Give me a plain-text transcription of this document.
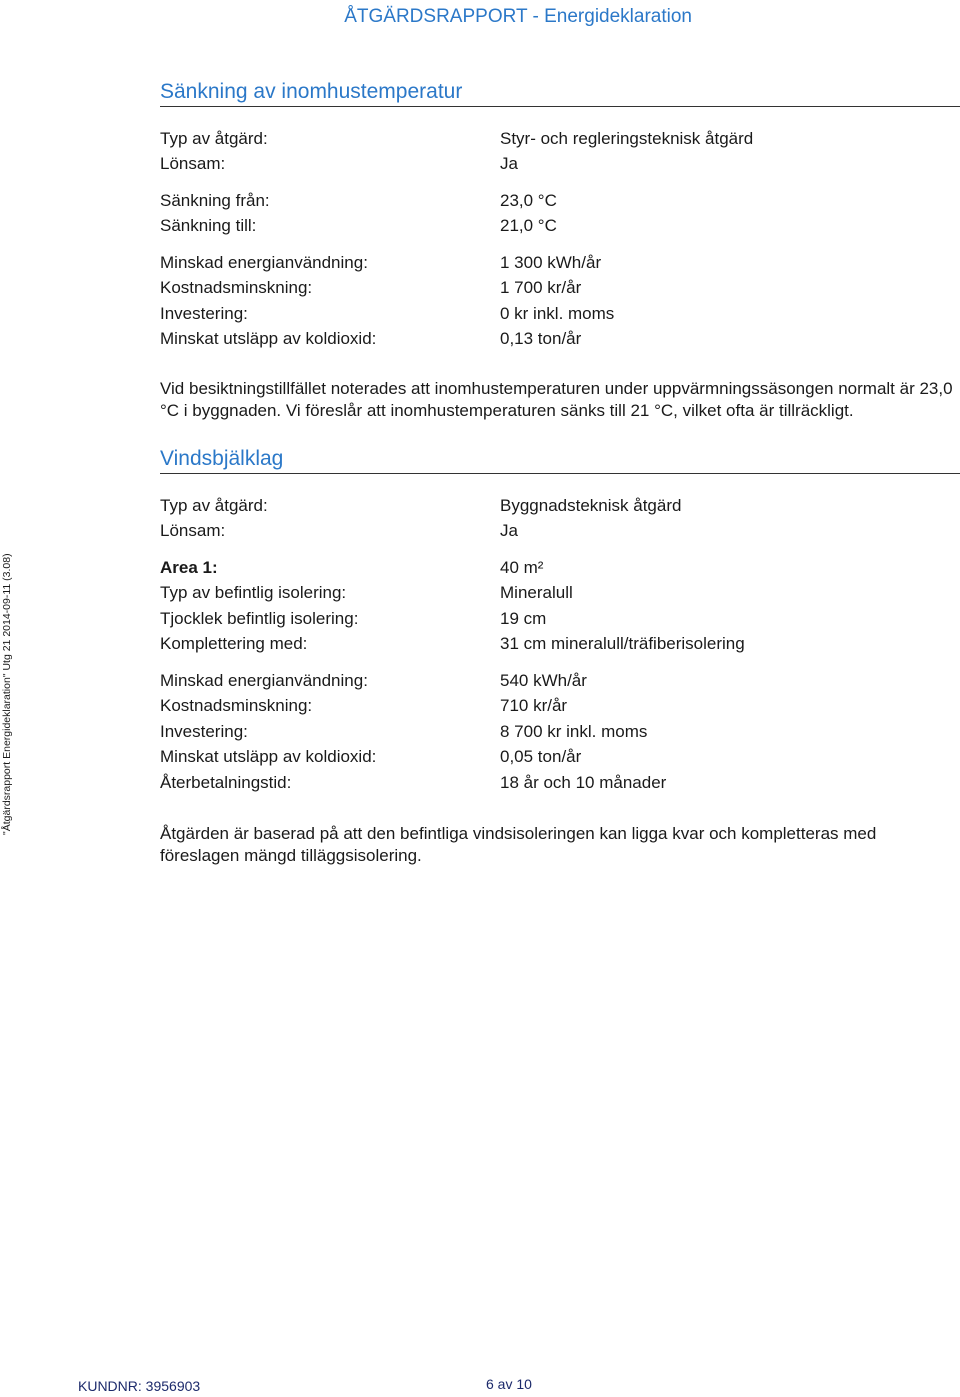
ÅTGÄRDSRAPPORT - Energideklaration
"Åtgärdsrapport Energideklaration" Utg 21 2014-09-11 (3.08)
Sänkning av inomhustemperatur
Typ av åtgärd:	Styr- och regleringsteknisk åtgärd
Lönsam:	Ja
Sänkning från:	23,0 °C
Sänkning till:	21,0 °C
Minskad energianvändning:	1 300 kWh/år
Kostnadsminskning:	1 700 kr/år
Investering:	0 kr inkl. moms
Minskat utsläpp av koldioxid:	0,13 ton/år
Vid besiktningstillfället noterades att inomhustemperaturen under uppvärmningssäsongen normalt är 23,0 °C i byggnaden. Vi föreslår att inomhustemperaturen sänks till 21 °C, vilket ofta är tillräckligt.
Vindsbjälklag
Typ av åtgärd:	Byggnadsteknisk åtgärd
Lönsam:	Ja
Area 1:	40 m²
Typ av befintlig isolering:	Mineralull
Tjocklek befintlig isolering:	19 cm
Komplettering med:	31 cm mineralull/träfiberisolering
Minskad energianvändning:	540 kWh/år
Kostnadsminskning:	710 kr/år
Investering:	8 700 kr inkl. moms
Minskat utsläpp av koldioxid:	0,05 ton/år
Återbetalningstid:	18 år och 10 månader
Åtgärden är baserad på att den befintliga vindsisoleringen kan ligga kvar och kompletteras med föreslagen mängd tilläggsisolering.
KUNDNR: 3956903	6 av 10
